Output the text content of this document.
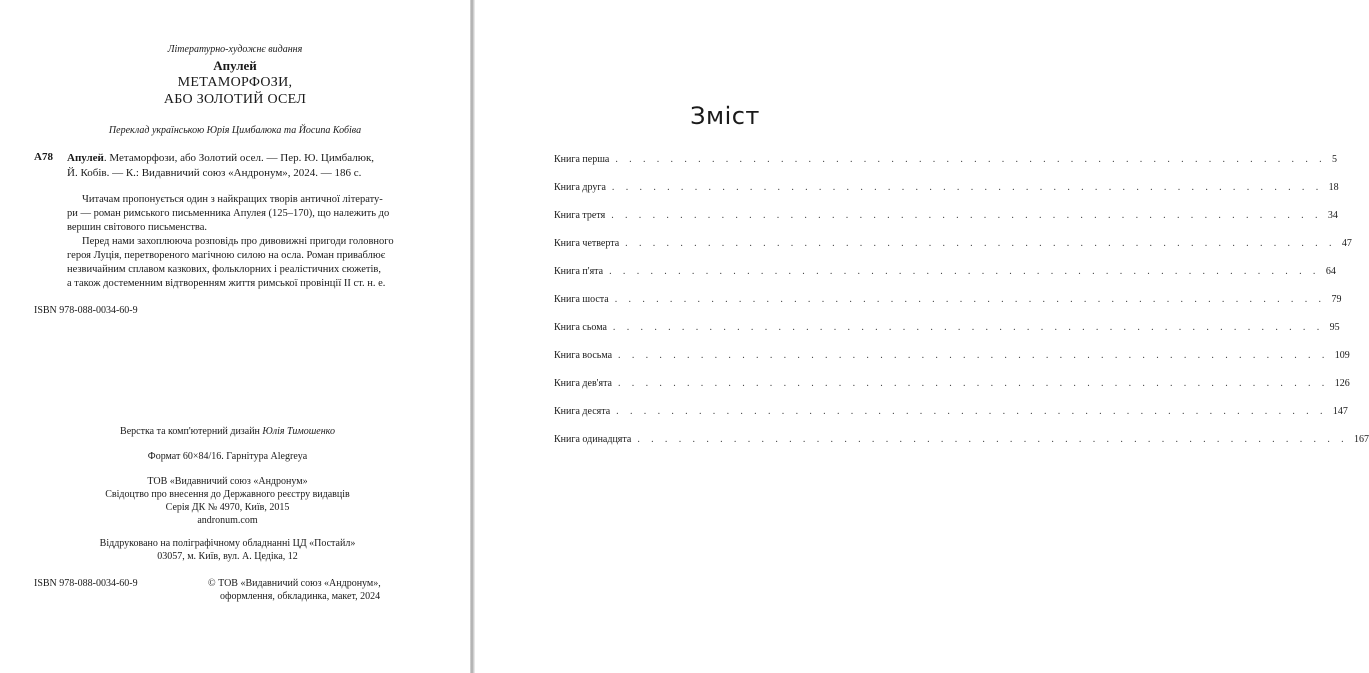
Літературно-художнє видання
Апулей
МЕТАМОРФОЗИ,
АБО ЗОЛОТИЙ ОСЕЛ
Переклад українською Юрія Цимбалюка та Йосипа Кобіва
А78 Апулей. Метаморфози, або Золотий осел. — Пер. Ю. Цимбалюк,
Й. Кобів. — К.: Видавничий союз «Андронум», 2024. — 186 с.
Читачам пропонується один з найкращих творів античної літерату-
ри — роман римського письменника Апулея (125–170), що належить до
вершин світового письменства.
Перед нами захоплююча розповідь про дивовижні пригоди головного
героя Луція, перетвореного магічною силою на осла. Роман приваблює
незвичайним сплавом казкових, фольклорних і реалістичних сюжетів,
а також достеменним відтворенням життя римської провінції ІІ ст. н. е.
ISBN 978-088-0034-60-9
Верстка та комп'ютерний дизайн Юлія Тимошенко
Формат 60×84/16. Гарнітура Alegreya
ТОВ «Видавничий союз «Андронум»
Свідоцтво про внесення до Державного реєстру видавців
Серія ДК № 4970, Київ, 2015
andronum.com
Віддруковано на поліграфічному обладнанні ЦД «Постайл»
03057, м. Київ, вул. А. Цедіка, 12
ISBN 978-088-0034-60-9	© ТОВ «Видавничий союз «Андронум»,
оформлення, обкладинка, макет, 2024
Зміст
Книга перша . . . . . . . . . . . . . . . . . . . . . . . . . . . . . . . . . . . . . . . . . . . . . . . . . . . . 5
Книга друга . . . . . . . . . . . . . . . . . . . . . . . . . . . . . . . . . . . . . . . . . . . . . . . . . . . . 18
Книга третя . . . . . . . . . . . . . . . . . . . . . . . . . . . . . . . . . . . . . . . . . . . . . . . . . . . . 34
Книга четверта . . . . . . . . . . . . . . . . . . . . . . . . . . . . . . . . . . . . . . . . . . . . . . . . . . . . 47
Книга п'ята . . . . . . . . . . . . . . . . . . . . . . . . . . . . . . . . . . . . . . . . . . . . . . . . . . . . 64
Книга шоста . . . . . . . . . . . . . . . . . . . . . . . . . . . . . . . . . . . . . . . . . . . . . . . . . . . . 79
Книга сьома . . . . . . . . . . . . . . . . . . . . . . . . . . . . . . . . . . . . . . . . . . . . . . . . . . . . 95
Книга восьма . . . . . . . . . . . . . . . . . . . . . . . . . . . . . . . . . . . . . . . . . . . . . . . . . . . . 109
Книга дев'ята . . . . . . . . . . . . . . . . . . . . . . . . . . . . . . . . . . . . . . . . . . . . . . . . . . . . 126
Книга десята . . . . . . . . . . . . . . . . . . . . . . . . . . . . . . . . . . . . . . . . . . . . . . . . . . . . 147
Книга одинадцята . . . . . . . . . . . . . . . . . . . . . . . . . . . . . . . . . . . . . . . . . . . . . . . . . . . . 167
